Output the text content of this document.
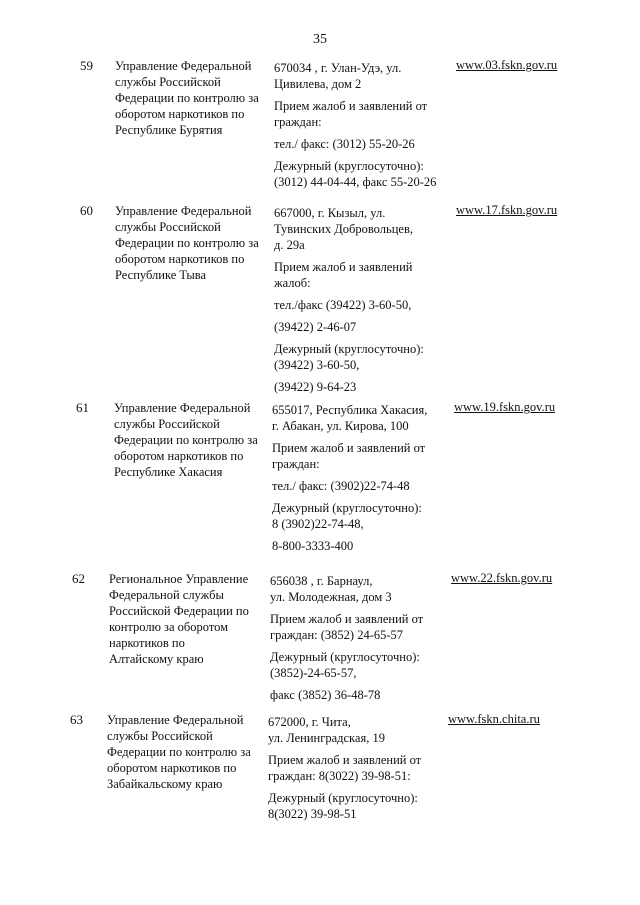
35
59 Управление Федеральной
службы Российской
Федерации по контролю за
оборотом наркотиков по
Республике Бурятия
670034 , г. Улан-Удэ, ул.
Цивилева, дом 2
Прием жалоб и заявлений от
граждан:
тел./ факс: (3012) 55-20-26
Дежурный (круглосуточно):
(3012) 44-04-44, факс 55-20-26
www.03.fskn.gov.ru
60 Управление Федеральной
службы Российской
Федерации по контролю за
оборотом наркотиков по
Республике Тыва
667000, г. Кызыл, ул.
Тувинских Добровольцев,
д. 29а
Прием жалоб и заявлений
жалоб:
тел./факс (39422) 3-60-50,
(39422) 2-46-07
Дежурный (круглосуточно):
(39422) 3-60-50,
(39422) 9-64-23
www.17.fskn.gov.ru
61 Управление Федеральной
службы Российской
Федерации по контролю за
оборотом наркотиков по
Республике Хакасия
655017, Республика Хакасия,
г. Абакан, ул. Кирова, 100
Прием жалоб и заявлений от
граждан:
тел./ факс: (3902)22-74-48
Дежурный (круглосуточно):
8 (3902)22-74-48,
8-800-3333-400
www.19.fskn.gov.ru
62 Региональное Управление
Федеральной службы
Российской Федерации по
контролю за оборотом
наркотиков по
Алтайскому краю
656038 , г. Барнаул,
ул. Молодежная, дом 3
Прием жалоб и заявлений от
граждан: (3852) 24-65-57
Дежурный (круглосуточно):
(3852)-24-65-57,
факс (3852) 36-48-78
www.22.fskn.gov.ru
63 Управление Федеральной
службы Российской
Федерации по контролю за
оборотом наркотиков по
Забайкальскому краю
672000, г. Чита,
ул. Ленинградская, 19
Прием жалоб и заявлений от
граждан: 8(3022) 39-98-51:
Дежурный (круглосуточно):
8(3022) 39-98-51
www.fskn.chita.ru
